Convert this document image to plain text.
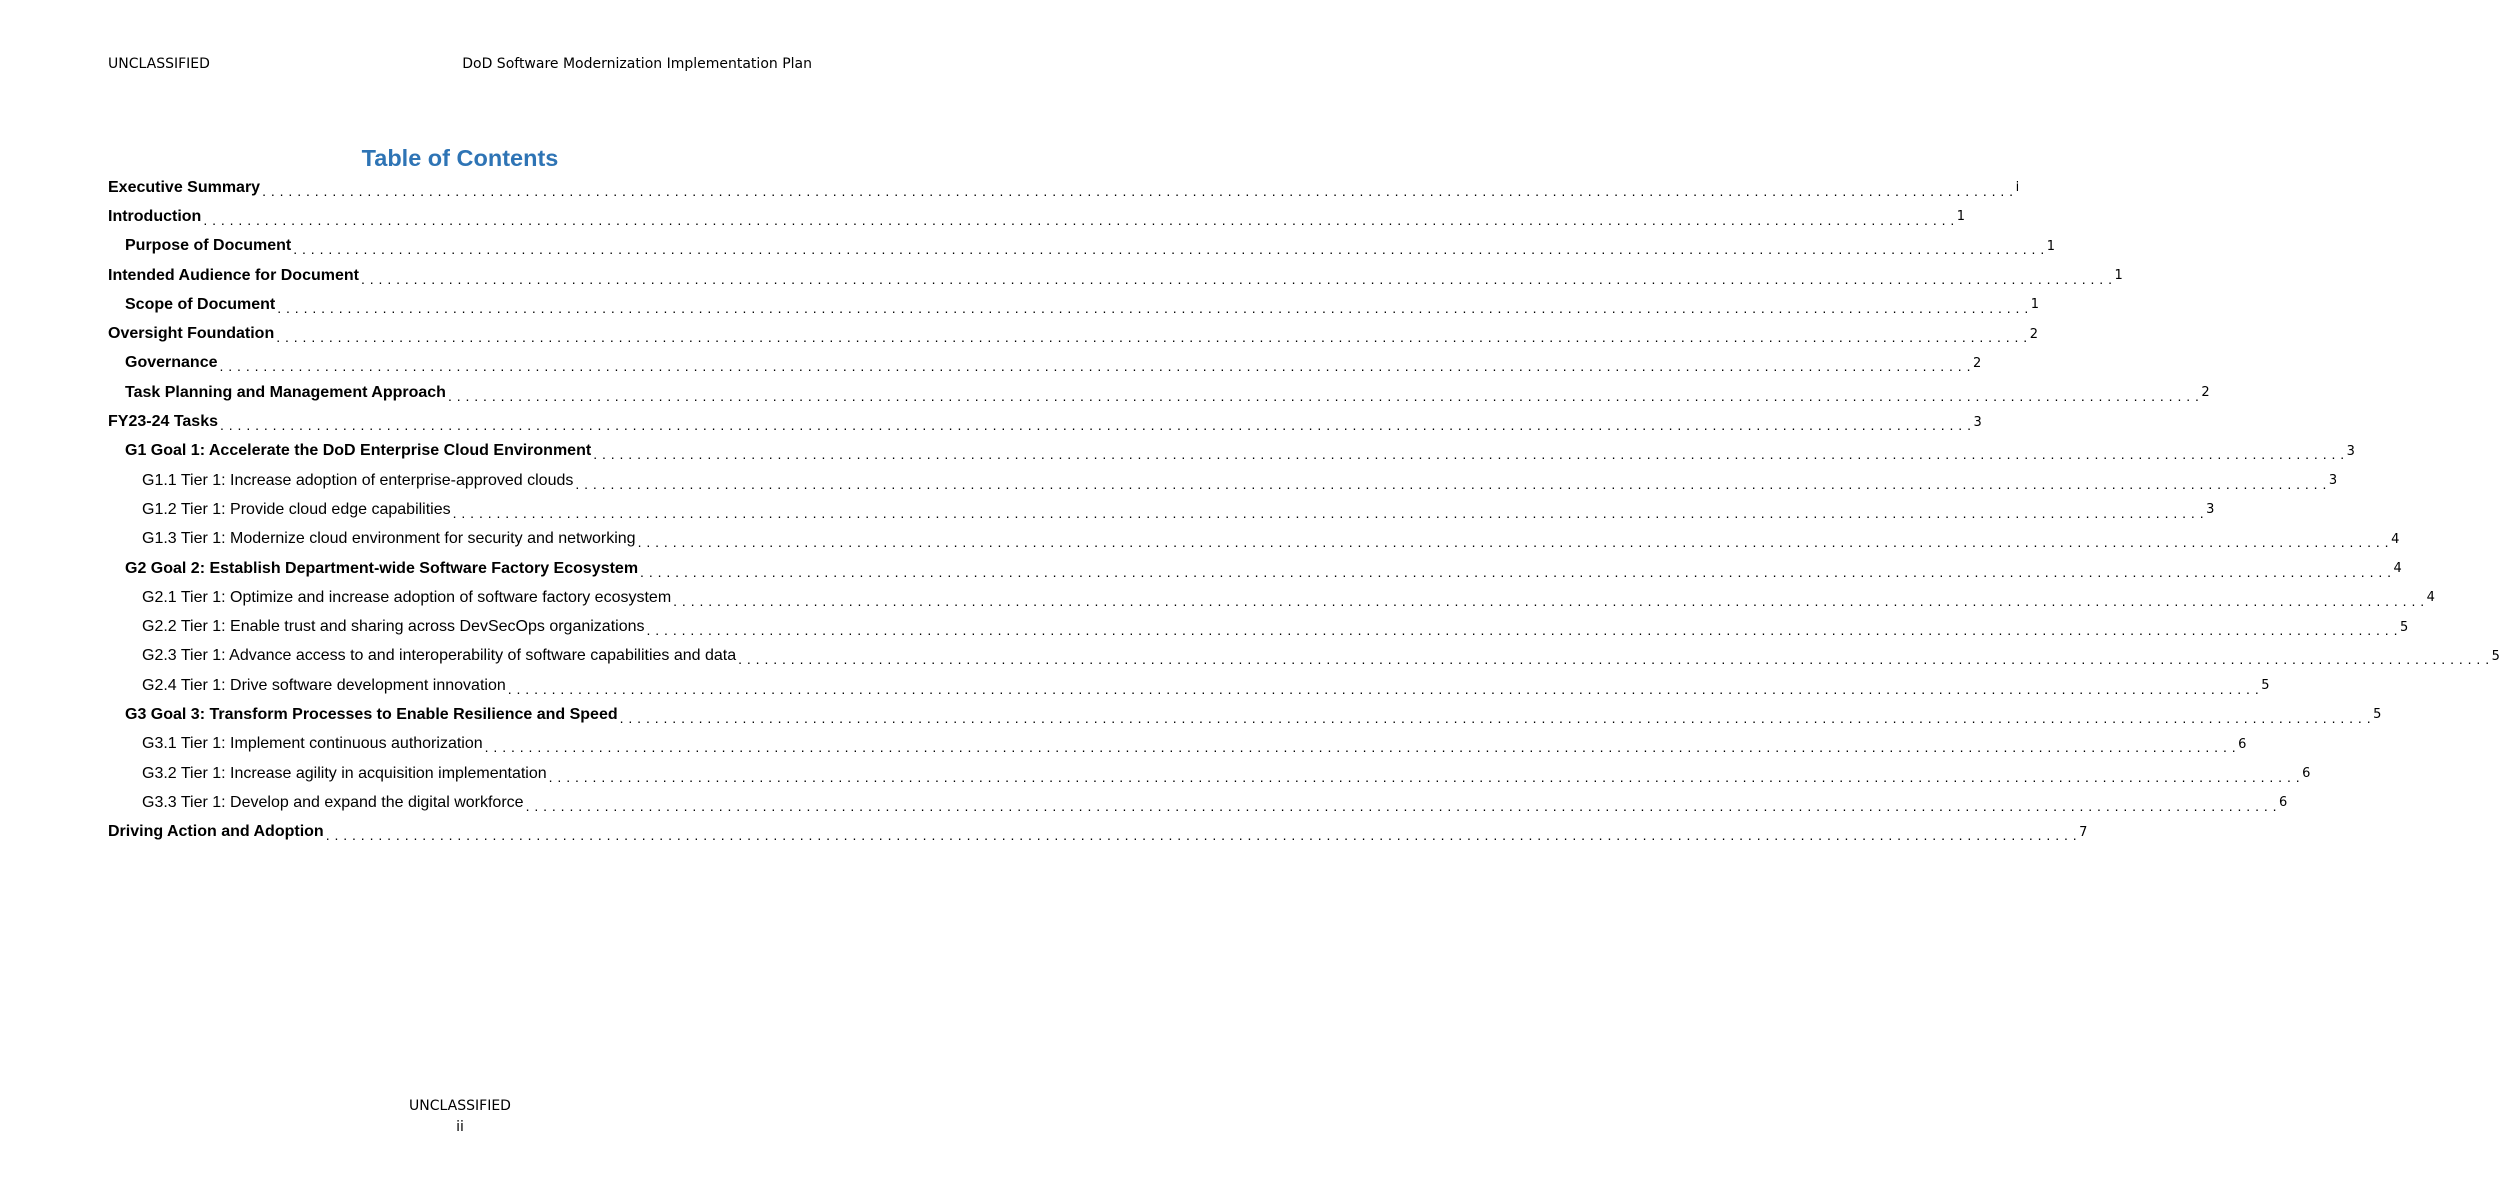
UNCLASSIFIED	DoD Software Modernization Implementation Plan
Table of Contents
Executive Summary . . . . . . . . . . . . . . . . . . . . . . . . . . . . . . . . . . . . . . . . . . . . . . . . . . . . . . . . . . . . . . . . . . . . . . . . . . . . . . . . . . . . . . . . . . . . . . . . . . . . . . . . . . . . . . . . . . . . . . . . . . . . . . . . . . . . . . . . . . . . . . . . . . . . . . . . . . . . . . . . . . . . . . . . . . . . . . . . . . . . . . . . . . . . . . . . . . . . . . . . i
Introduction . . . . . . . . . . . . . . . . . . . . . . . . . . . . . . . . . . . . . . . . . . . . . . . . . . . . . . . . . . . . . . . . . . . . . . . . . . . . . . . . . . . . . . . . . . . . . . . . . . . . . . . . . . . . . . . . . . . . . . . . . . . . . . . . . . . . . . . . . . . . . . . . . . . . . . . . . . . . . . . . . . . . . . . . . . . . . . . . . . . . . . . . . . . . . . . . . . . . . . . . 1
Purpose of Document . . . . . . . . . . . . . . . . . . . . . . . . . . . . . . . . . . . . . . . . . . . . . . . . . . . . . . . . . . . . . . . . . . . . . . . . . . . . . . . . . . . . . . . . . . . . . . . . . . . . . . . . . . . . . . . . . . . . . . . . . . . . . . . . . . . . . . . . . . . . . . . . . . . . . . . . . . . . . . . . . . . . . . . . . . . . . . . . . . . . . . . . . . . . . . . . . . . . . . . . 1
Intended Audience for Document . . . . . . . . . . . . . . . . . . . . . . . . . . . . . . . . . . . . . . . . . . . . . . . . . . . . . . . . . . . . . . . . . . . . . . . . . . . . . . . . . . . . . . . . . . . . . . . . . . . . . . . . . . . . . . . . . . . . . . . . . . . . . . . . . . . . . . . . . . . . . . . . . . . . . . . . . . . . . . . . . . . . . . . . . . . . . . . . . . . . . . . . . . . . . . . . . . . . . . . . 1
Scope of Document . . . . . . . . . . . . . . . . . . . . . . . . . . . . . . . . . . . . . . . . . . . . . . . . . . . . . . . . . . . . . . . . . . . . . . . . . . . . . . . . . . . . . . . . . . . . . . . . . . . . . . . . . . . . . . . . . . . . . . . . . . . . . . . . . . . . . . . . . . . . . . . . . . . . . . . . . . . . . . . . . . . . . . . . . . . . . . . . . . . . . . . . . . . . . . . . . . . . . . . . 1
Oversight Foundation . . . . . . . . . . . . . . . . . . . . . . . . . . . . . . . . . . . . . . . . . . . . . . . . . . . . . . . . . . . . . . . . . . . . . . . . . . . . . . . . . . . . . . . . . . . . . . . . . . . . . . . . . . . . . . . . . . . . . . . . . . . . . . . . . . . . . . . . . . . . . . . . . . . . . . . . . . . . . . . . . . . . . . . . . . . . . . . . . . . . . . . . . . . . . . . . . . . . . . . . 2
Governance . . . . . . . . . . . . . . . . . . . . . . . . . . . . . . . . . . . . . . . . . . . . . . . . . . . . . . . . . . . . . . . . . . . . . . . . . . . . . . . . . . . . . . . . . . . . . . . . . . . . . . . . . . . . . . . . . . . . . . . . . . . . . . . . . . . . . . . . . . . . . . . . . . . . . . . . . . . . . . . . . . . . . . . . . . . . . . . . . . . . . . . . . . . . . . . . . . . . . . . . 2
Task Planning and Management Approach . . . . . . . . . . . . . . . . . . . . . . . . . . . . . . . . . . . . . . . . . . . . . . . . . . . . . . . . . . . . . . . . . . . . . . . . . . . . . . . . . . . . . . . . . . . . . . . . . . . . . . . . . . . . . . . . . . . . . . . . . . . . . . . . . . . . . . . . . . . . . . . . . . . . . . . . . . . . . . . . . . . . . . . . . . . . . . . . . . . . . . . . . . . . . . . . . . . . . . . . 2
FY23-24 Tasks . . . . . . . . . . . . . . . . . . . . . . . . . . . . . . . . . . . . . . . . . . . . . . . . . . . . . . . . . . . . . . . . . . . . . . . . . . . . . . . . . . . . . . . . . . . . . . . . . . . . . . . . . . . . . . . . . . . . . . . . . . . . . . . . . . . . . . . . . . . . . . . . . . . . . . . . . . . . . . . . . . . . . . . . . . . . . . . . . . . . . . . . . . . . . . . . . . . . . . . . 3
G1 Goal 1: Accelerate the DoD Enterprise Cloud Environment . . . . . . . . . . . . . . . . . . . . . . . . . . . . . . . . . . . . . . . . . . . . . . . . . . . . . . . . . . . . . . . . . . . . . . . . . . . . . . . . . . . . . . . . . . . . . . . . . . . . . . . . . . . . . . . . . . . . . . . . . . . . . . . . . . . . . . . . . . . . . . . . . . . . . . . . . . . . . . . . . . . . . . . . . . . . . . . . . . . . . . . . . . . . . . . . . . . . . . . . 3
G1.1 Tier 1: Increase adoption of enterprise-approved clouds . . . . . . . . . . . . . . . . . . . . . . . . . . . . . . . . . . . . . . . . . . . . . . . . . . . . . . . . . . . . . . . . . . . . . . . . . . . . . . . . . . . . . . . . . . . . . . . . . . . . . . . . . . . . . . . . . . . . . . . . . . . . . . . . . . . . . . . . . . . . . . . . . . . . . . . . . . . . . . . . . . . . . . . . . . . . . . . . . . . . . . . . . . . . . . . . . . . . . . . . 3
G1.2 Tier 1: Provide cloud edge capabilities . . . . . . . . . . . . . . . . . . . . . . . . . . . . . . . . . . . . . . . . . . . . . . . . . . . . . . . . . . . . . . . . . . . . . . . . . . . . . . . . . . . . . . . . . . . . . . . . . . . . . . . . . . . . . . . . . . . . . . . . . . . . . . . . . . . . . . . . . . . . . . . . . . . . . . . . . . . . . . . . . . . . . . . . . . . . . . . . . . . . . . . . . . . . . . . . . . . . . . . . 3
G1.3 Tier 1: Modernize cloud environment for security and networking . . . . . . . . . . . . . . . . . . . . . . . . . . . . . . . . . . . . . . . . . . . . . . . . . . . . . . . . . . . . . . . . . . . . . . . . . . . . . . . . . . . . . . . . . . . . . . . . . . . . . . . . . . . . . . . . . . . . . . . . . . . . . . . . . . . . . . . . . . . . . . . . . . . . . . . . . . . . . . . . . . . . . . . . . . . . . . . . . . . . . . . . . . . . . . . . . . . . . . . . 4
G2 Goal 2: Establish Department-wide Software Factory Ecosystem . . . . . . . . . . . . . . . . . . . . . . . . . . . . . . . . . . . . . . . . . . . . . . . . . . . . . . . . . . . . . . . . . . . . . . . . . . . . . . . . . . . . . . . . . . . . . . . . . . . . . . . . . . . . . . . . . . . . . . . . . . . . . . . . . . . . . . . . . . . . . . . . . . . . . . . . . . . . . . . . . . . . . . . . . . . . . . . . . . . . . . . . . . . . . . . . . . . . . . . . 4
G2.1 Tier 1: Optimize and increase adoption of software factory ecosystem . . . . . . . . . . . . . . . . . . . . . . . . . . . . . . . . . . . . . . . . . . . . . . . . . . . . . . . . . . . . . . . . . . . . . . . . . . . . . . . . . . . . . . . . . . . . . . . . . . . . . . . . . . . . . . . . . . . . . . . . . . . . . . . . . . . . . . . . . . . . . . . . . . . . . . . . . . . . . . . . . . . . . . . . . . . . . . . . . . . . . . . . . . . . . . . . . . . . . . . . 4
G2.2 Tier 1: Enable trust and sharing across DevSecOps organizations . . . . . . . . . . . . . . . . . . . . . . . . . . . . . . . . . . . . . . . . . . . . . . . . . . . . . . . . . . . . . . . . . . . . . . . . . . . . . . . . . . . . . . . . . . . . . . . . . . . . . . . . . . . . . . . . . . . . . . . . . . . . . . . . . . . . . . . . . . . . . . . . . . . . . . . . . . . . . . . . . . . . . . . . . . . . . . . . . . . . . . . . . . . . . . . . . . . . . . . . 5
G2.3 Tier 1: Advance access to and interoperability of software capabilities and data . . . . . . . . . . . . . . . . . . . . . . . . . . . . . . . . . . . . . . . . . . . . . . . . . . . . . . . . . . . . . . . . . . . . . . . . . . . . . . . . . . . . . . . . . . . . . . . . . . . . . . . . . . . . . . . . . . . . . . . . . . . . . . . . . . . . . . . . . . . . . . . . . . . . . . . . . . . . . . . . . . . . . . . . . . . . . . . . . . . . . . . . . . . . . . . . . . . . . . . . 5
G2.4 Tier 1: Drive software development innovation . . . . . . . . . . . . . . . . . . . . . . . . . . . . . . . . . . . . . . . . . . . . . . . . . . . . . . . . . . . . . . . . . . . . . . . . . . . . . . . . . . . . . . . . . . . . . . . . . . . . . . . . . . . . . . . . . . . . . . . . . . . . . . . . . . . . . . . . . . . . . . . . . . . . . . . . . . . . . . . . . . . . . . . . . . . . . . . . . . . . . . . . . . . . . . . . . . . . . . . . 5
G3 Goal 3: Transform Processes to Enable Resilience and Speed . . . . . . . . . . . . . . . . . . . . . . . . . . . . . . . . . . . . . . . . . . . . . . . . . . . . . . . . . . . . . . . . . . . . . . . . . . . . . . . . . . . . . . . . . . . . . . . . . . . . . . . . . . . . . . . . . . . . . . . . . . . . . . . . . . . . . . . . . . . . . . . . . . . . . . . . . . . . . . . . . . . . . . . . . . . . . . . . . . . . . . . . . . . . . . . . . . . . . . . . 5
G3.1 Tier 1: Implement continuous authorization . . . . . . . . . . . . . . . . . . . . . . . . . . . . . . . . . . . . . . . . . . . . . . . . . . . . . . . . . . . . . . . . . . . . . . . . . . . . . . . . . . . . . . . . . . . . . . . . . . . . . . . . . . . . . . . . . . . . . . . . . . . . . . . . . . . . . . . . . . . . . . . . . . . . . . . . . . . . . . . . . . . . . . . . . . . . . . . . . . . . . . . . . . . . . . . . . . . . . . . . 6
G3.2 Tier 1: Increase agility in acquisition implementation . . . . . . . . . . . . . . . . . . . . . . . . . . . . . . . . . . . . . . . . . . . . . . . . . . . . . . . . . . . . . . . . . . . . . . . . . . . . . . . . . . . . . . . . . . . . . . . . . . . . . . . . . . . . . . . . . . . . . . . . . . . . . . . . . . . . . . . . . . . . . . . . . . . . . . . . . . . . . . . . . . . . . . . . . . . . . . . . . . . . . . . . . . . . . . . . . . . . . . . . 6
G3.3 Tier 1: Develop and expand the digital workforce . . . . . . . . . . . . . . . . . . . . . . . . . . . . . . . . . . . . . . . . . . . . . . . . . . . . . . . . . . . . . . . . . . . . . . . . . . . . . . . . . . . . . . . . . . . . . . . . . . . . . . . . . . . . . . . . . . . . . . . . . . . . . . . . . . . . . . . . . . . . . . . . . . . . . . . . . . . . . . . . . . . . . . . . . . . . . . . . . . . . . . . . . . . . . . . . . . . . . . . . 6
Driving Action and Adoption . . . . . . . . . . . . . . . . . . . . . . . . . . . . . . . . . . . . . . . . . . . . . . . . . . . . . . . . . . . . . . . . . . . . . . . . . . . . . . . . . . . . . . . . . . . . . . . . . . . . . . . . . . . . . . . . . . . . . . . . . . . . . . . . . . . . . . . . . . . . . . . . . . . . . . . . . . . . . . . . . . . . . . . . . . . . . . . . . . . . . . . . . . . . . . . . . . . . . . . . 7
UNCLASSIFIED
ii
